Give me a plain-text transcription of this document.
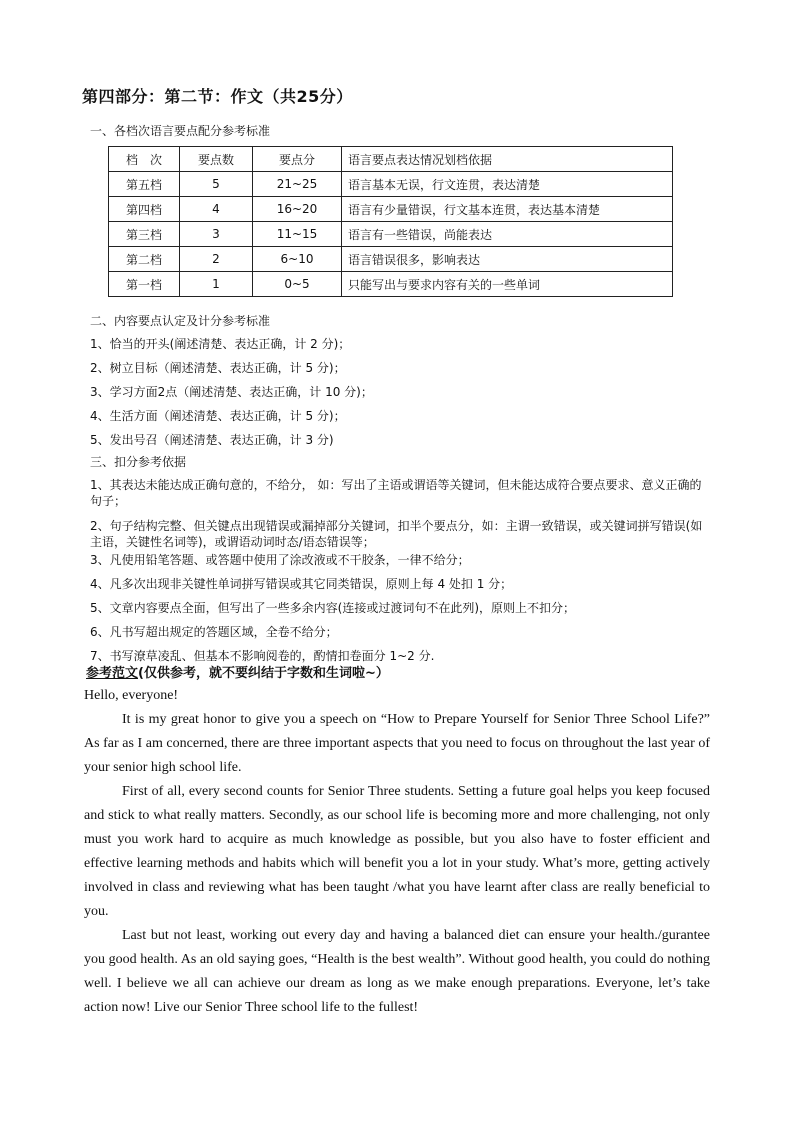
第四部分：第二节：作文（共25分）
一、各档次语言要点配分参考标准
档　次	要点数	要点分	语言要点表达情况划档依据
第五档	5	21~25	语言基本无误，行文连贯，表达清楚
第四档	4	16~20	语言有少量错误，行文基本连贯，表达基本清楚
第三档	3	11~15	语言有一些错误，尚能表达
第二档	2	6~10	语言错误很多，影响表达
第一档	1	0~5	只能写出与要求内容有关的一些单词
二、内容要点认定及计分参考标准
1、恰当的开头(阐述清楚、表达正确，计 2 分)；
2、树立目标（阐述清楚、表达正确，计 5 分)；
3、学习方面2点（阐述清楚、表达正确，计 10 分)；
4、生活方面（阐述清楚、表达正确，计 5 分)；
5、发出号召（阐述清楚、表达正确，计 3 分)
三、扣分参考依据
1、其表达未能达成正确句意的，不给分， 如：写出了主语或谓语等关键词，但未能达成符合要点要求、意义正确的句子；
2、句子结构完整、但关键点出现错误或漏掉部分关键词，扣半个要点分，如：主谓一致错误，或关键词拼写错误(如主语，关键性名词等)，或谓语动词时态/语态错误等；
3、凡使用铅笔答题、或答题中使用了涂改液或不干胶条，一律不给分；
4、凡多次出现非关键性单词拼写错误或其它同类错误，原则上每 4 处扣 1 分；
5、文章内容要点全面，但写出了一些多余内容(连接或过渡词句不在此列)，原则上不扣分；
6、凡书写超出规定的答题区域，全卷不给分；
7、书写潦草凌乱、但基本不影响阅卷的，酌情扣卷面分 1~2 分.
参考范文(仅供参考，就不要纠结于字数和生词啦~）
Hello, everyone!
It is my great honor to give you a speech on “How to Prepare Yourself for Senior Three School Life?” As far as I am concerned, there are three important aspects that you need to focus on throughout the last year of your senior high school life.
First of all, every second counts for Senior Three students. Setting a future goal helps you keep focused and stick to what really matters. Secondly, as our school life is becoming more and more challenging, not only must you work hard to acquire as much knowledge as possible, but you also have to foster efficient and effective learning methods and habits which will benefit you a lot in your study. What’s more, getting actively involved in class and reviewing what has been taught /what you have learnt after class are really beneficial to you.
Last but not least, working out every day and having a balanced diet can ensure your health./gurantee you good health. As an old saying goes, “Health is the best wealth”. Without good health, you could do nothing well. I believe we all can achieve our dream as long as we make enough preparations. Everyone, let’s take action now! Live our Senior Three school life to the fullest!
